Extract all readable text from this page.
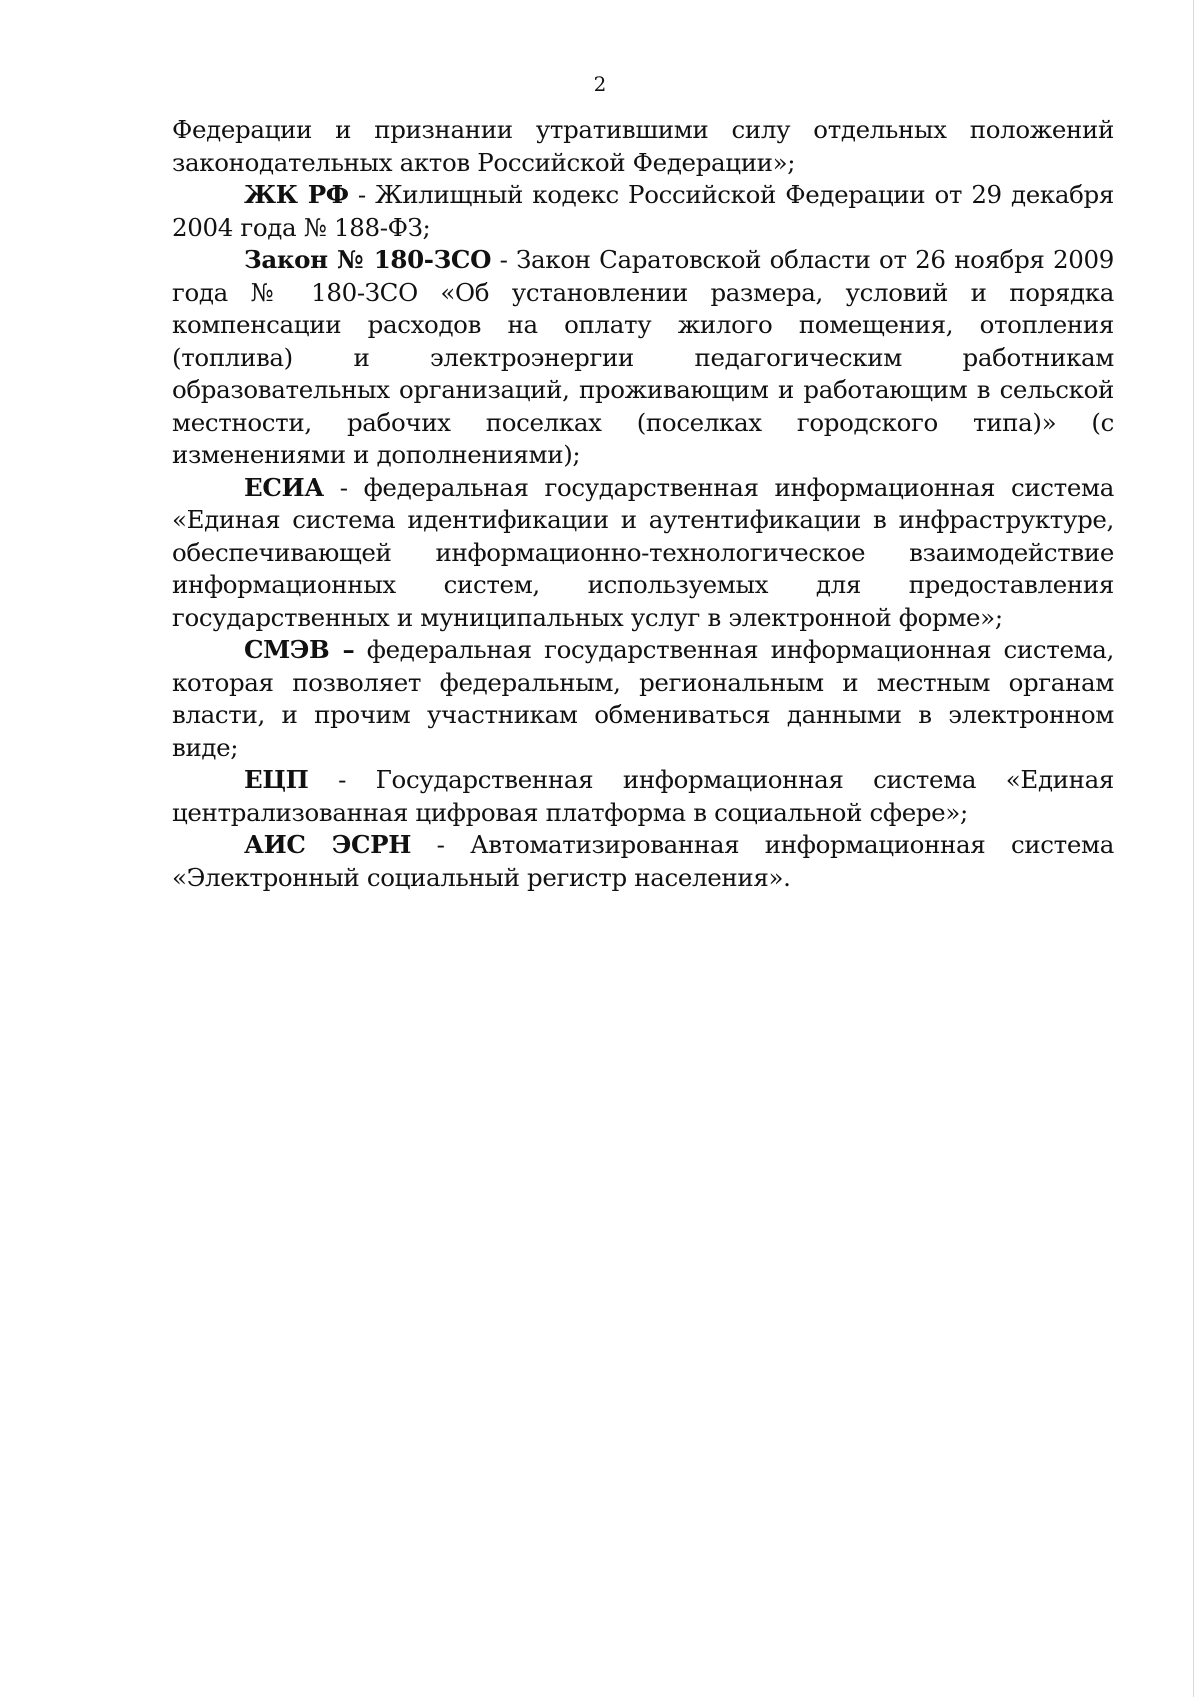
2

Федерации и признании утратившими силу отдельных положений законодательных актов Российской Федерации»;

ЖК РФ - Жилищный кодекс Российской Федерации от 29 декабря 2004 года № 188-ФЗ;

Закон № 180-ЗСО - Закон Саратовской области от 26 ноября 2009 года № 180-ЗСО «Об установлении размера, условий и порядка компенсации расходов на оплату жилого помещения, отопления (топлива) и электроэнергии педагогическим работникам образовательных организаций, проживающим и работающим в сельской местности, рабочих поселках (поселках городского типа)» (с изменениями и дополнениями);

ЕСИА - федеральная государственная информационная система «Единая система идентификации и аутентификации в инфраструктуре, обеспечивающей информационно-технологическое взаимодействие информационных систем, используемых для предоставления государственных и муниципальных услуг в электронной форме»;

СМЭВ – федеральная государственная информационная система, которая позволяет федеральным, региональным и местным органам власти, и прочим участникам обмениваться данными в электронном виде;

ЕЦП - Государственная информационная система «Единая централизованная цифровая платформа в социальной сфере»;

АИС ЭСРН - Автоматизированная информационная система «Электронный социальный регистр населения».
